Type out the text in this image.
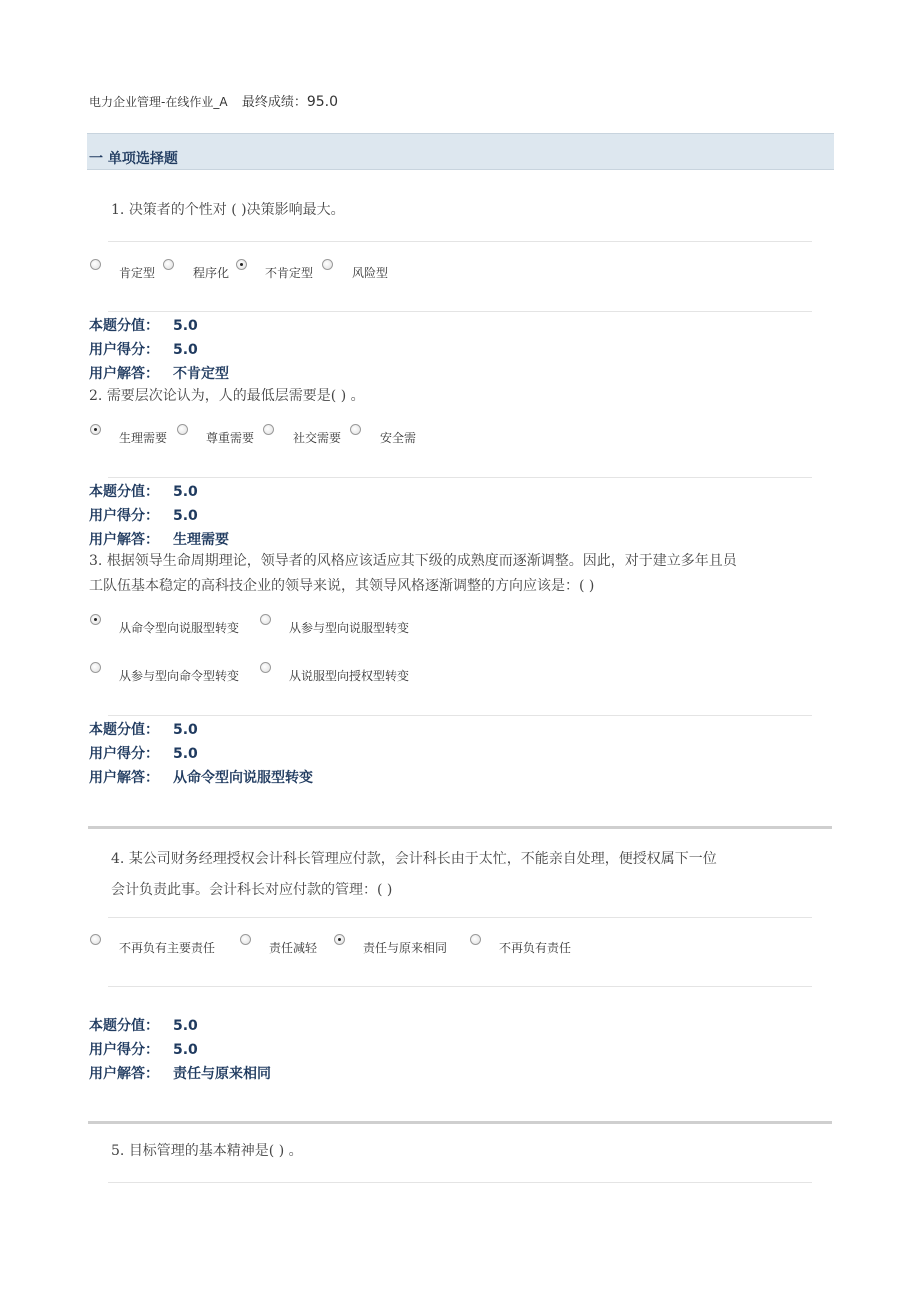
电力企业管理-在线作业_A 最终成绩：95.0
一 单项选择题
1. 决策者的个性对 ( )决策影响最大。
肯定型	程序化	不肯定型	风险型
本题分值： 5.0
用户得分： 5.0
用户解答： 不肯定型
2. 需要层次论认为，人的最低层需要是( ) 。
生理需要	尊重需要	社交需要	安全需
本题分值： 5.0
用户得分： 5.0
用户解答： 生理需要
3. 根据领导生命周期理论，领导者的风格应该适应其下级的成熟度而逐渐调整。因此，对于建立多年且员
工队伍基本稳定的高科技企业的领导来说，其领导风格逐渐调整的方向应该是：( )
从命令型向说服型转变	从参与型向说服型转变
从参与型向命令型转变	从说服型向授权型转变
本题分值： 5.0
用户得分： 5.0
用户解答： 从命令型向说服型转变
4. 某公司财务经理授权会计科长管理应付款，会计科长由于太忙，不能亲自处理，便授权属下一位
会计负责此事。会计科长对应付款的管理：( )
不再负有主要责任	责任减轻	责任与原来相同	不再负有责任
本题分值： 5.0
用户得分： 5.0
用户解答： 责任与原来相同
5. 目标管理的基本精神是( ) 。
